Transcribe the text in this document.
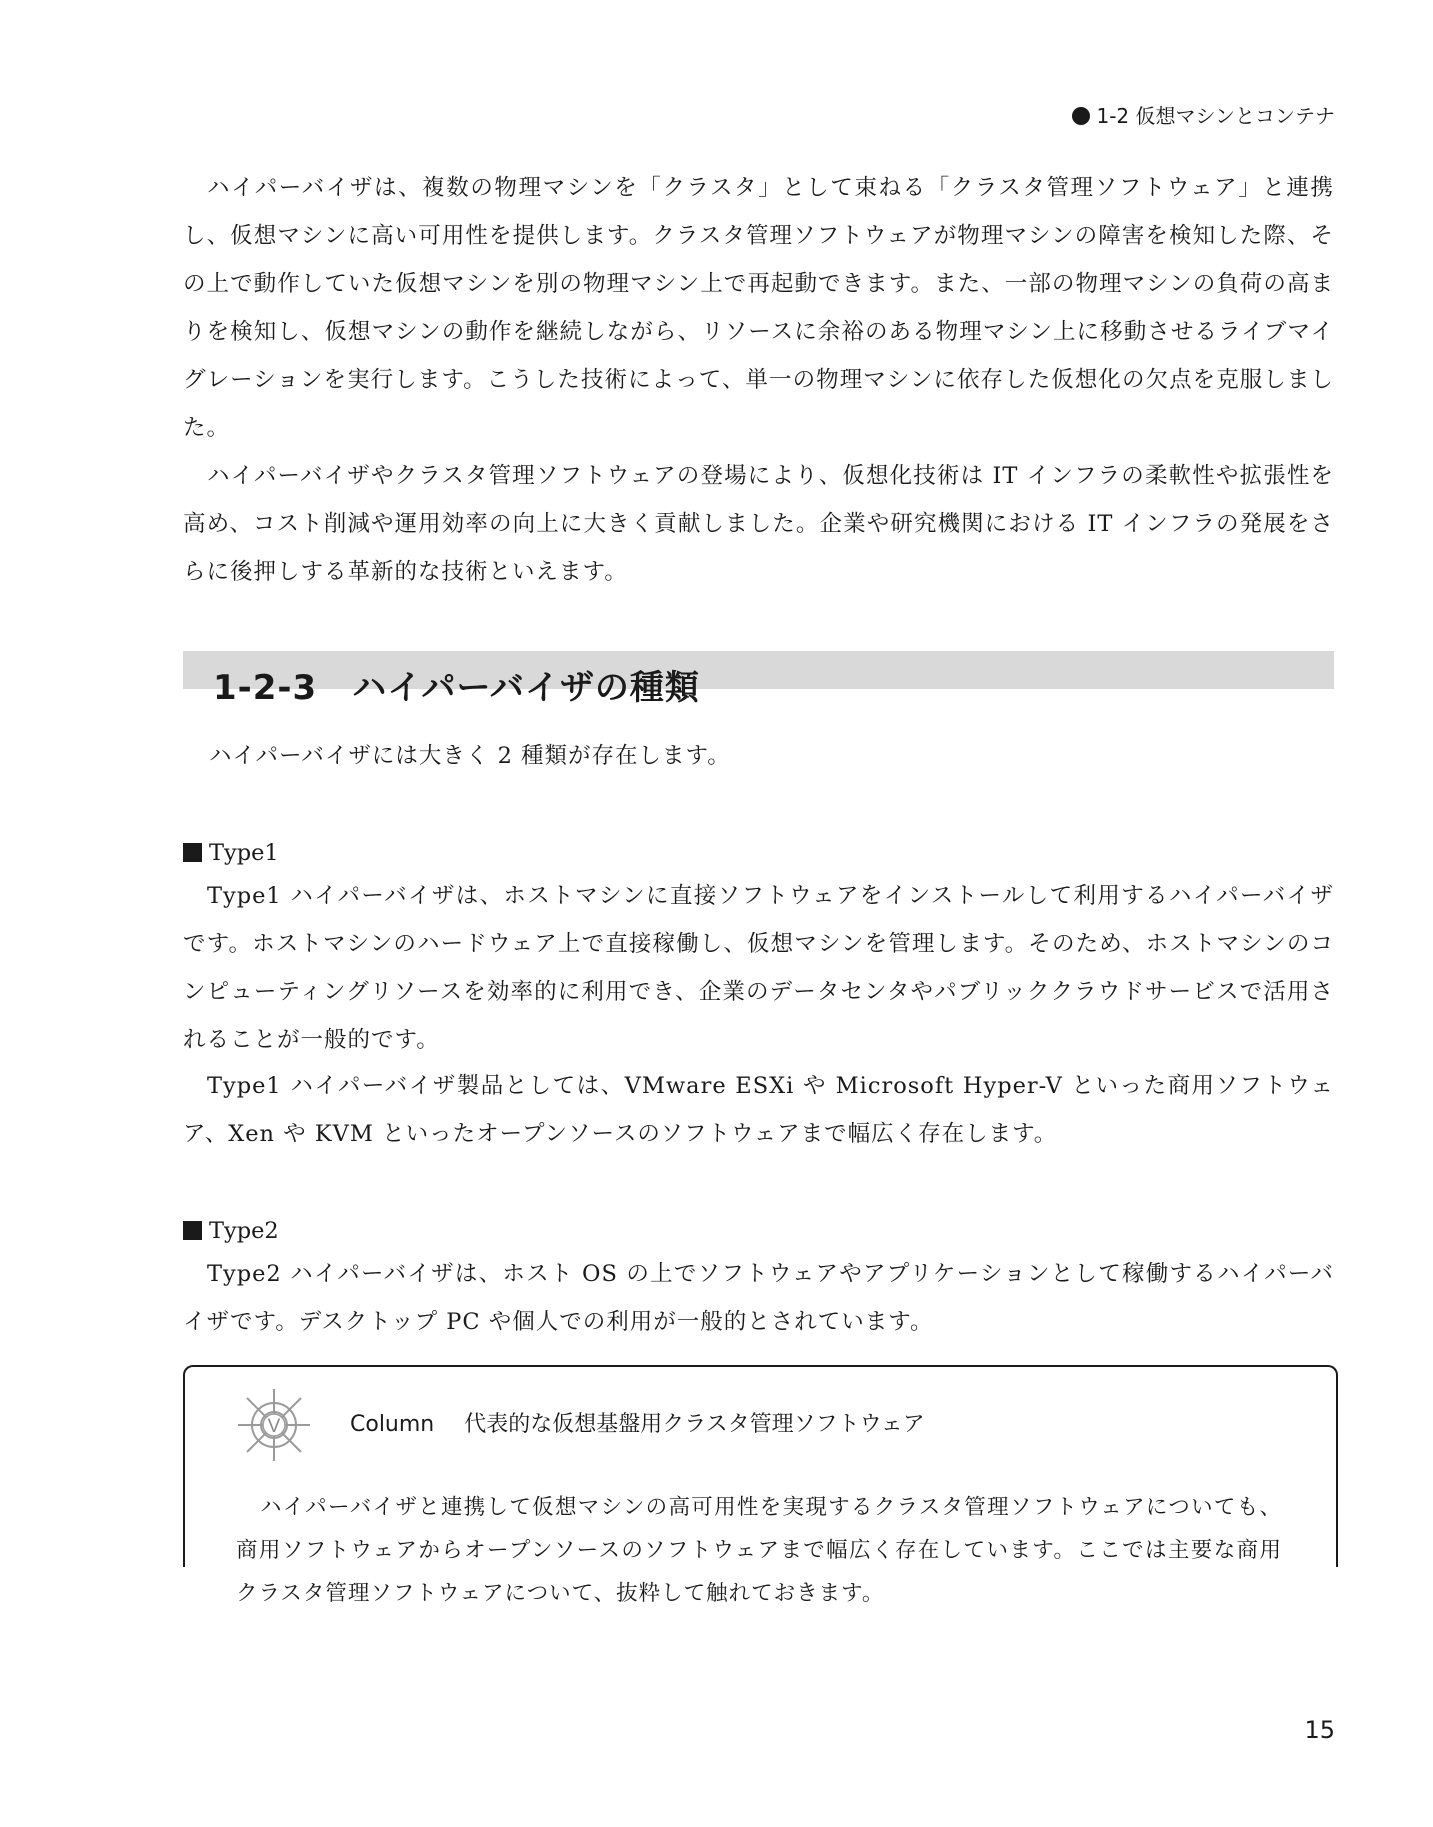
1-2 仮想マシンとコンテナ

ハイパーバイザは、複数の物理マシンを「クラスタ」として束ねる「クラスタ管理ソフトウェア」と連携し、仮想マシンに高い可用性を提供します。クラスタ管理ソフトウェアが物理マシンの障害を検知した際、その上で動作していた仮想マシンを別の物理マシン上で再起動できます。また、一部の物理マシンの負荷の高まりを検知し、仮想マシンの動作を継続しながら、リソースに余裕のある物理マシン上に移動させるライブマイグレーションを実行します。こうした技術によって、単一の物理マシンに依存した仮想化の欠点を克服しました。

ハイパーバイザやクラスタ管理ソフトウェアの登場により、仮想化技術は IT インフラの柔軟性や拡張性を高め、コスト削減や運用効率の向上に大きく貢献しました。企業や研究機関における IT インフラの発展をさらに後押しする革新的な技術といえます。

1-2-3　ハイパーバイザの種類

ハイパーバイザには大きく 2 種類が存在します。

Type1

Type1 ハイパーバイザは、ホストマシンに直接ソフトウェアをインストールして利用するハイパーバイザです。ホストマシンのハードウェア上で直接稼働し、仮想マシンを管理します。そのため、ホストマシンのコンピューティングリソースを効率的に利用でき、企業のデータセンタやパブリッククラウドサービスで活用されることが一般的です。

Type1 ハイパーバイザ製品としては、VMware ESXi や Microsoft Hyper-V といった商用ソフトウェア、Xen や KVM といったオープンソースのソフトウェアまで幅広く存在します。

Type2

Type2 ハイパーバイザは、ホスト OS の上でソフトウェアやアプリケーションとして稼働するハイパーバイザです。デスクトップ PC や個人での利用が一般的とされています。

V	Column 代表的な仮想基盤用クラスタ管理ソフトウェア

ハイパーバイザと連携して仮想マシンの高可用性を実現するクラスタ管理ソフトウェアについても、商用ソフトウェアからオープンソースのソフトウェアまで幅広く存在しています。ここでは主要な商用クラスタ管理ソフトウェアについて、抜粋して触れておきます。

15
